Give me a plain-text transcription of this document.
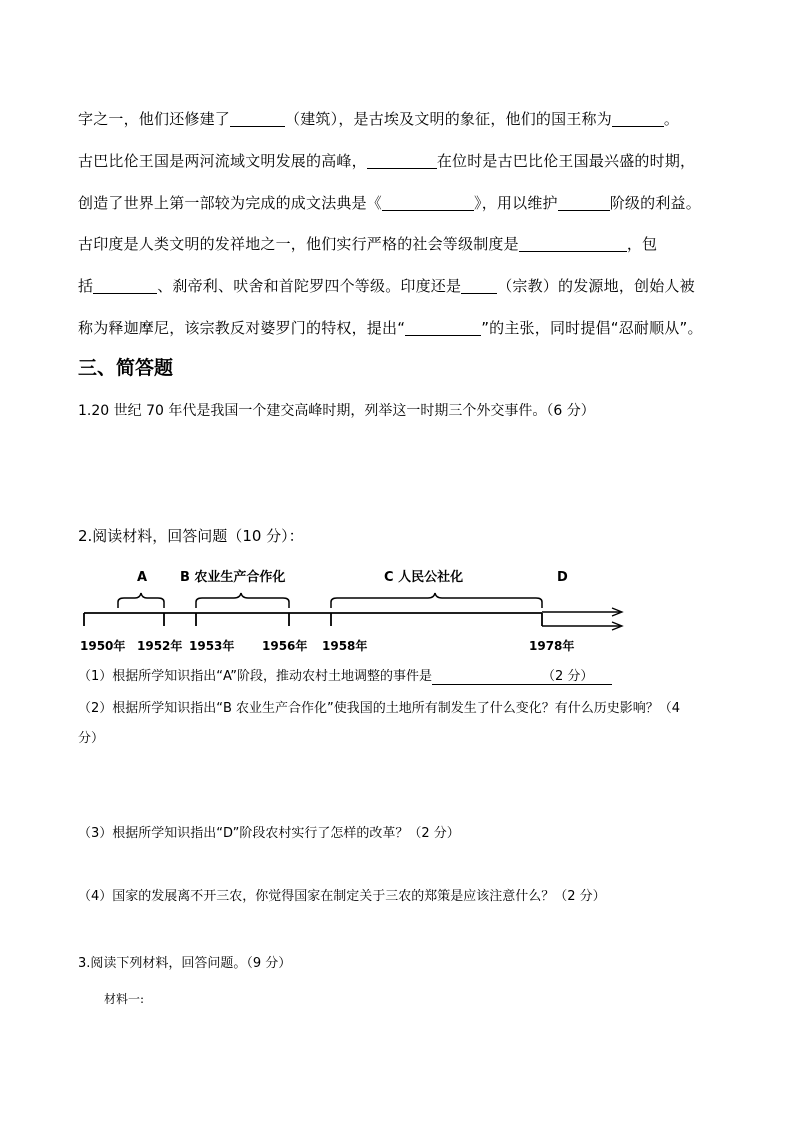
字之一，他们还修建了	（建筑），是古埃及文明的象征，他们的国王称为	。
古巴比伦王国是两河流域文明发展的高峰，	在位时是古巴比伦王国最兴盛的时期，
创造了世界上第一部较为完成的成文法典是《	》，用以维护	阶级的利益。
古印度是人类文明的发祥地之一，他们实行严格的社会等级制度是	，包
括	、刹帝利、吠舍和首陀罗四个等级。印度还是 （宗教）的发源地，创始人被
称为释迦摩尼，该宗教反对婆罗门的特权，提出“	”的主张，同时提倡“忍耐顺从”。
三、简答题
1.20 世纪 70 年代是我国一个建交高峰时期，列举这一时期三个外交事件。（6 分）
2.阅读材料，回答问题（10 分）：
A	B 农业生产合作化	C 人民公社化	D
1950年 1952年 1953年 1956年 1958年	1978年
（1）根据所学知识指出“A”阶段，推动农村土地调整的事件是	（2 分）
（2）根据所学知识指出“B 农业生产合作化”使我国的土地所有制发生了什么变化？有什么历史影响？（4
分）
（3）根据所学知识指出“D”阶段农村实行了怎样的改革？（2 分）
（4）国家的发展离不开三农，你觉得国家在制定关于三农的郑策是应该注意什么？（2 分）
3.阅读下列材料，回答问题。（9 分）
材料一:
